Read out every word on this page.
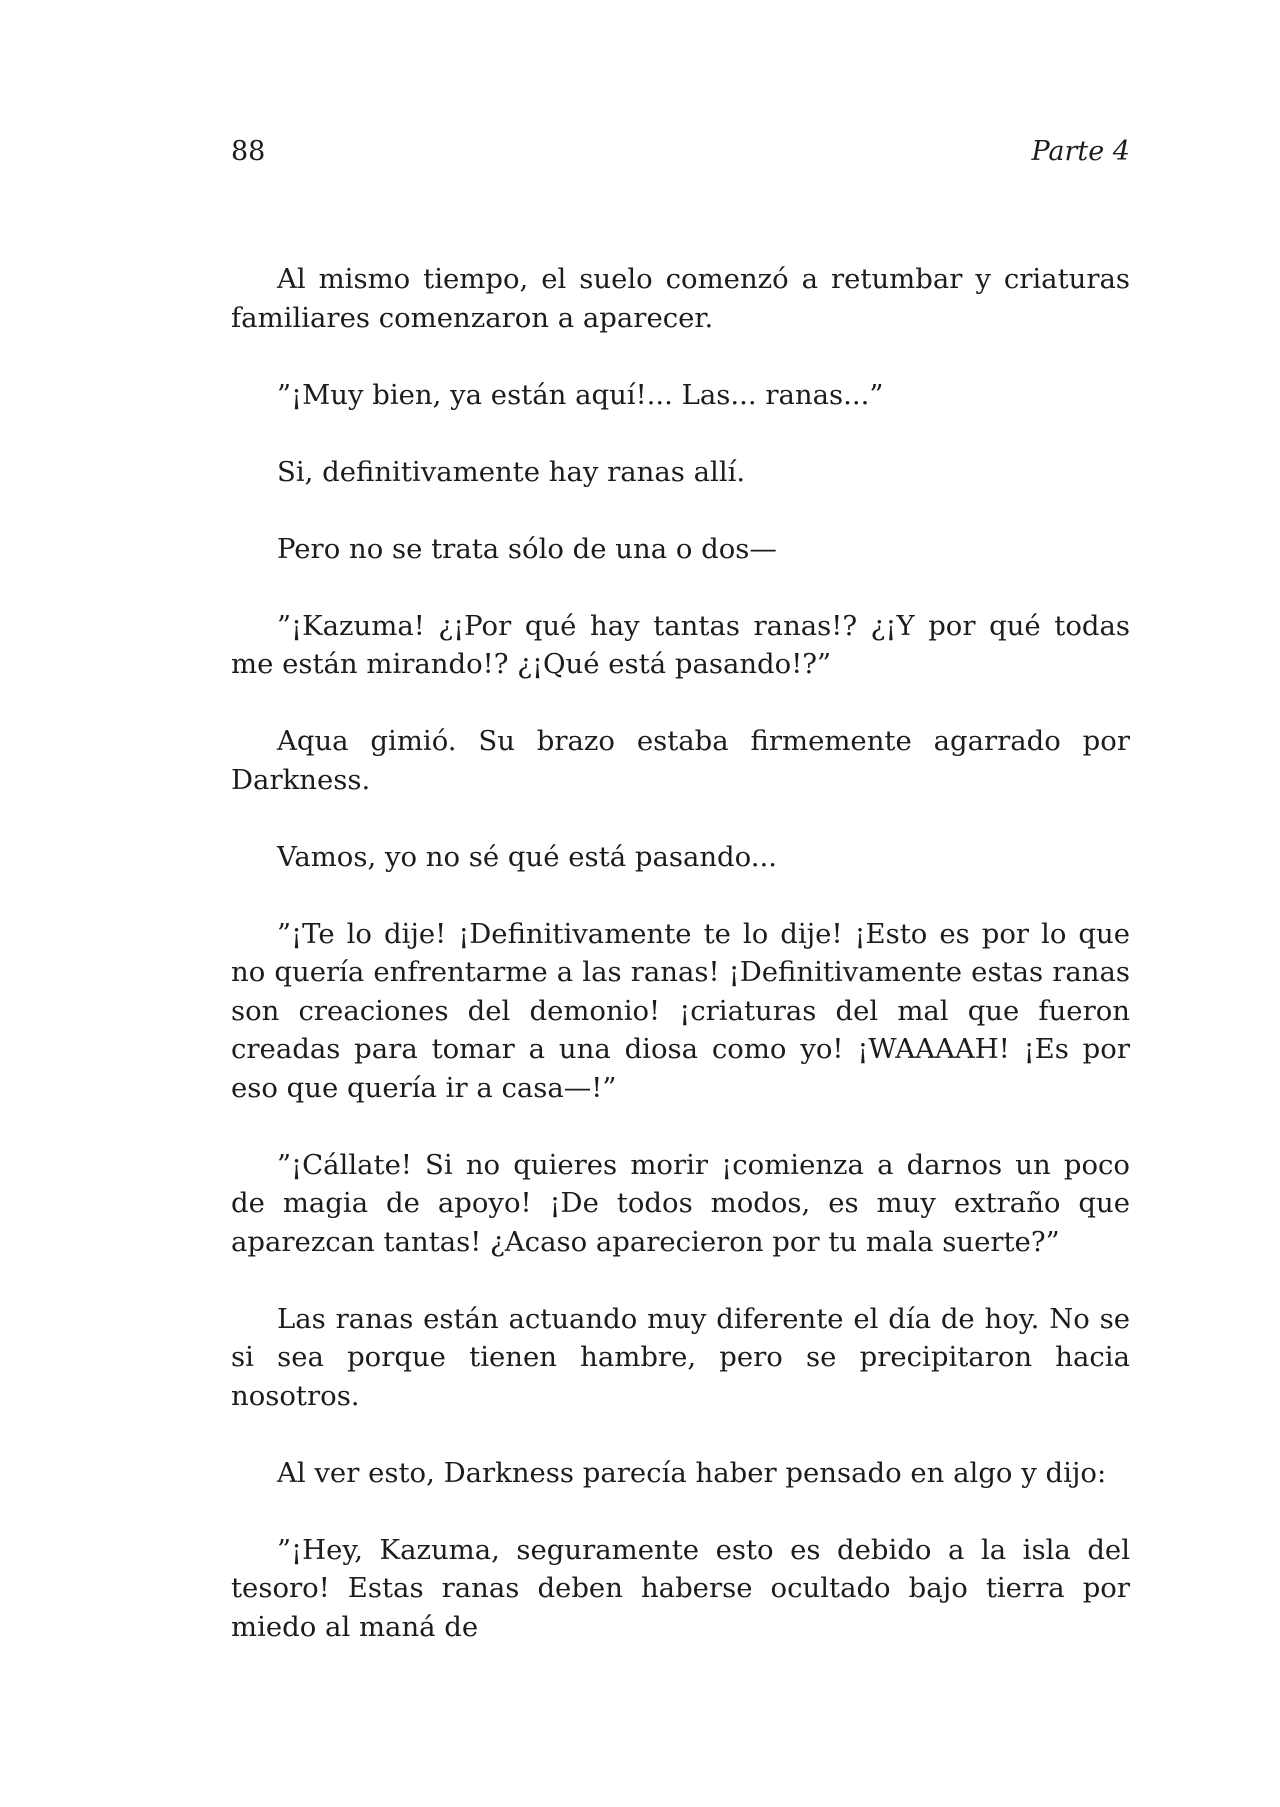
88	Parte 4

Al mismo tiempo, el suelo comenzó a retumbar y criaturas familiares comenzaron a aparecer.

”¡Muy bien, ya están aquí!... Las... ranas...”

Si, definitivamente hay ranas allí.

Pero no se trata sólo de una o dos—

”¡Kazuma! ¿¡Por qué hay tantas ranas!? ¿¡Y por qué todas me están mirando!? ¿¡Qué está pasando!?”

Aqua gimió. Su brazo estaba firmemente agarrado por Darkness.

Vamos, yo no sé qué está pasando...

”¡Te lo dije! ¡Definitivamente te lo dije! ¡Esto es por lo que no quería enfrentarme a las ranas! ¡Definitivamente estas ranas son creaciones del demonio! ¡criaturas del mal que fueron creadas para tomar a una diosa como yo! ¡WAAAAH! ¡Es por eso que quería ir a casa—!”

”¡Cállate! Si no quieres morir ¡comienza a darnos un poco de magia de apoyo! ¡De todos modos, es muy extraño que aparezcan tantas! ¿Acaso aparecieron por tu mala suerte?”

Las ranas están actuando muy diferente el día de hoy. No se si sea porque tienen hambre, pero se precipitaron hacia nosotros.

Al ver esto, Darkness parecía haber pensado en algo y dijo:

”¡Hey, Kazuma, seguramente esto es debido a la isla del tesoro! Estas ranas deben haberse ocultado bajo tierra por miedo al maná de
